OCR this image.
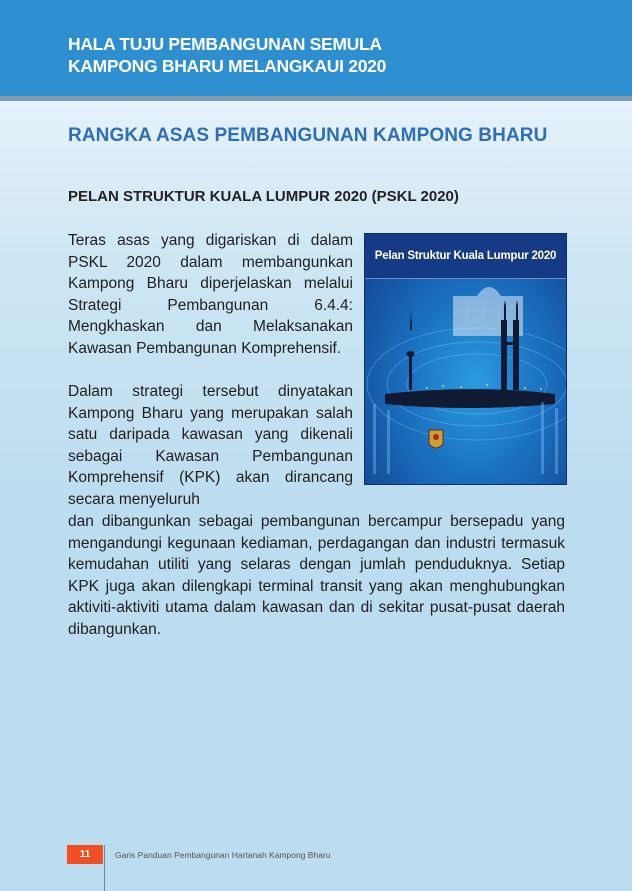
HALA TUJU PEMBANGUNAN SEMULA
KAMPONG BHARU MELANGKAUI 2020
RANGKA ASAS PEMBANGUNAN KAMPONG BHARU
PELAN STRUKTUR KUALA LUMPUR 2020 (PSKL 2020)

Teras asas yang digariskan di dalam PSKL 2020 dalam membangunkan Kampong Bharu diperjelaskan melalui Strategi Pembangunan 6.4.4: Mengkhaskan dan Melaksanakan Kawasan Pembangunan Komprehensif.

Dalam strategi tersebut dinyatakan Kampong Bharu yang merupakan salah satu daripada kawasan yang dikenali sebagai Kawasan Pembangunan Komprehensif (KPK) akan dirancang secara menyeluruh

dan dibangunkan sebagai pembangunan bercampur bersepadu yang mengandungi kegunaan kediaman, perdagangan dan industri termasuk kemudahan utiliti yang selaras dengan jumlah penduduknya. Setiap KPK juga akan dilengkapi terminal transit yang akan menghubungkan aktiviti-aktiviti utama dalam kawasan dan di sekitar pusat-pusat daerah dibangunkan.

Pelan Struktur Kuala Lumpur 2020
11	Garis Panduan Pembangunan Hartanah Kampong Bharu
